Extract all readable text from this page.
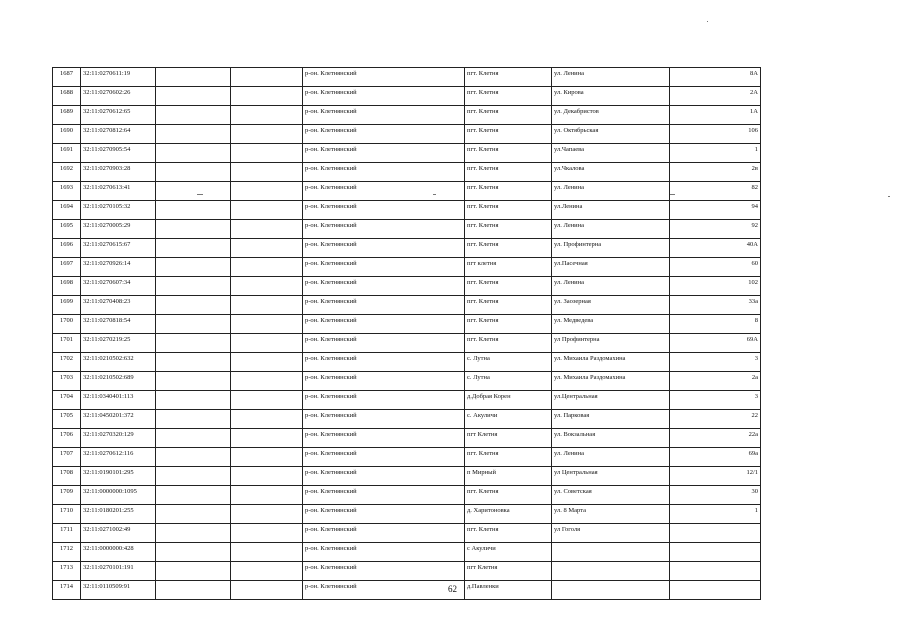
1687	32:11:0270611:19			р-он. Клетнянский	пгт. Клетня	ул. Ленина	8А
1688	32:11:0270602:26			р-он. Клетнянский	пгт. Клетня	ул. Кирова	2А
1689	32:11:0270612:65			р-он. Клетнянский	пгт. Клетня	ул. Декабристов	1А
1690	32:11:0270812:64			р-он. Клетнянский	пгт. Клетня	ул. Октябрьская	106
1691	32:11:0270905:54			р-он. Клетнянский	пгт. Клетня	ул.Чапаева	1
1692	32:11:0270903:28			р-он. Клетнянский	пгт. Клетня	ул.Чкалова	2в
1693	32:11:0270613:41			р-он. Клетнянский	пгт. Клетня	ул. Ленина	82
1694	32:11:0270105:32			р-он. Клетнянский	пгт. Клетня	ул.Ленина	94
1695	32:11:0270005:29			р-он. Клетнянский	пгт. Клетня	ул. Ленина	92
1696	32:11:0270615:67			р-он. Клетнянский	пгт. Клетня	ул. Профинтерна	40А
1697	32:11:0270926:14			р-он. Клетнянский	пгт клетня	ул.Пасечная	60
1698	32:11:0270607:34			р-он. Клетнянский	пгт. Клетня	ул. Ленина	102
1699	32:11:0270408:23			р-он. Клетнянский	пгт. Клетня	ул. Заозерная	33а
1700	32:11:0270818:54			р-он. Клетнянский	пгт. Клетня	ул. Медведева	8
1701	32:11:0270219:25			р-он. Клетнянский	пгт. Клетня	ул Профинтерна	69А
1702	32:11:0210502:632			р-он. Клетнянский	с. Лутна	ул. Михаила Раздомахина	3
1703	32:11:0210502:689			р-он. Клетнянский	с. Лутна	ул. Михаила Раздомахина	2а
1704	32:11:0340401:113			р-он. Клетнянский	д.Добрая Корен	ул.Центральная	3
1705	32:11:0450201:372			р-он. Клетнянский	с. Акуличи	ул. Парковая	22
1706	32:11:0270320:129			р-он. Клетнянский	пгт Клетня	ул. Вокзальная	22а
1707	32:11:0270612:116			р-он. Клетнянский	пгт. Клетня	ул. Ленина	69а
1708	32:11:0190101:295			р-он. Клетнянский	п Мирный	ул Центральная	12/1
1709	32:11:0000000:1095			р-он. Клетнянский	пгт. Клетня	ул. Советская	30
1710	32:11:0180201:255			р-он. Клетнянский	д. Харитоновка	ул. 8 Марта	1
1711	32:11:0271002:49			р-он. Клетнянский	пгт. Клетня	ул Гоголя	
1712	32:11:0000000:428			р-он. Клетнянский	с Акуличи		
1713	32:11:0270101:191			р-он. Клетнянский	пгт Клетня		
1714	32:11:0110509:91			р-он. Клетнянский	д.Павленки		
62
